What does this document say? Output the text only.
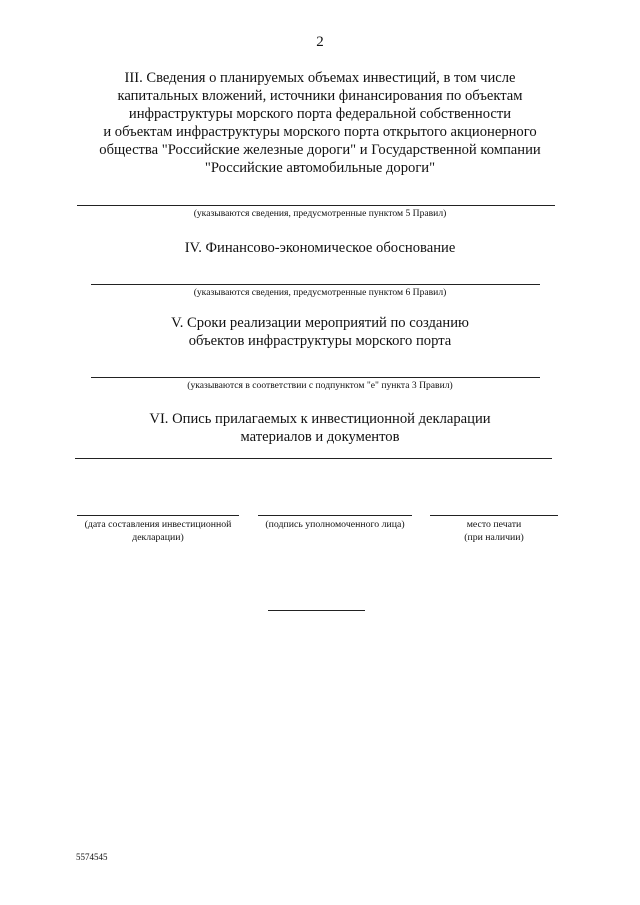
2
III. Сведения о планируемых объемах инвестиций, в том числе
капитальных вложений, источники финансирования по объектам
инфраструктуры морского порта федеральной собственности
и объектам инфраструктуры морского порта открытого акционерного
общества "Российские железные дороги" и Государственной компании
"Российские автомобильные дороги"
(указываются сведения, предусмотренные пунктом 5 Правил)
IV. Финансово-экономическое обоснование
(указываются сведения, предусмотренные пунктом 6 Правил)
V. Сроки реализации мероприятий по созданию
объектов инфраструктуры морского порта
(указываются в соответствии с подпунктом "е" пункта 3 Правил)
VI. Опись прилагаемых к инвестиционной декларации
материалов и документов
(дата составления инвестиционной
декларации)
(подпись уполномоченного лица)	место печати
(при наличии)
5574545
